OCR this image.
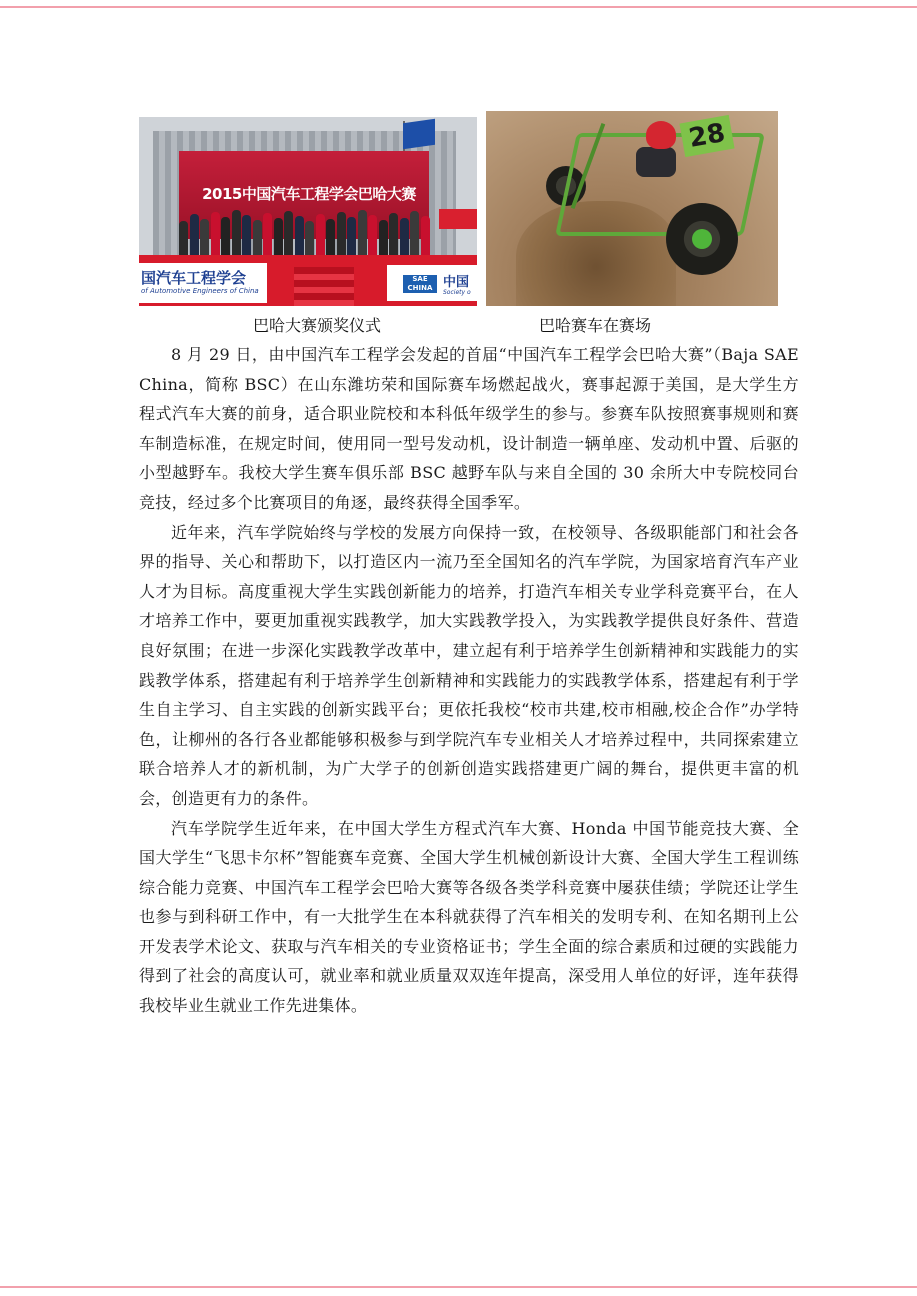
2015中国汽车工程学会巴哈大赛
国汽车工程学会
of Automotive Engineers of China
SAE CHINA 中国
Society o
28
巴哈大赛颁奖仪式	巴哈赛车在赛场

8 月 29 日，由中国汽车工程学会发起的首届“中国汽车工程学会巴哈大赛”（Baja SAE China，简称 BSC）在山东潍坊荣和国际赛车场燃起战火，赛事起源于美国，是大学生方程式汽车大赛的前身，适合职业院校和本科低年级学生的参与。参赛车队按照赛事规则和赛车制造标准，在规定时间，使用同一型号发动机，设计制造一辆单座、发动机中置、后驱的小型越野车。我校大学生赛车俱乐部 BSC 越野车队与来自全国的 30 余所大中专院校同台竞技，经过多个比赛项目的角逐，最终获得全国季军。

近年来，汽车学院始终与学校的发展方向保持一致，在校领导、各级职能部门和社会各界的指导、关心和帮助下，以打造区内一流乃至全国知名的汽车学院，为国家培育汽车产业人才为目标。高度重视大学生实践创新能力的培养，打造汽车相关专业学科竞赛平台，在人才培养工作中，要更加重视实践教学，加大实践教学投入，为实践教学提供良好条件、营造良好氛围；在进一步深化实践教学改革中，建立起有利于培养学生创新精神和实践能力的实践教学体系，搭建起有利于培养学生创新精神和实践能力的实践教学体系，搭建起有利于学生自主学习、自主实践的创新实践平台；更依托我校“校市共建,校市相融,校企合作”办学特色，让柳州的各行各业都能够积极参与到学院汽车专业相关人才培养过程中，共同探索建立联合培养人才的新机制，为广大学子的创新创造实践搭建更广阔的舞台，提供更丰富的机会，创造更有力的条件。

汽车学院学生近年来，在中国大学生方程式汽车大赛、Honda 中国节能竞技大赛、全国大学生“飞思卡尔杯”智能赛车竞赛、全国大学生机械创新设计大赛、全国大学生工程训练综合能力竞赛、中国汽车工程学会巴哈大赛等各级各类学科竞赛中屡获佳绩；学院还让学生也参与到科研工作中，有一大批学生在本科就获得了汽车相关的发明专利、在知名期刊上公开发表学术论文、获取与汽车相关的专业资格证书；学生全面的综合素质和过硬的实践能力得到了社会的高度认可，就业率和就业质量双双连年提高，深受用人单位的好评，连年获得我校毕业生就业工作先进集体。
